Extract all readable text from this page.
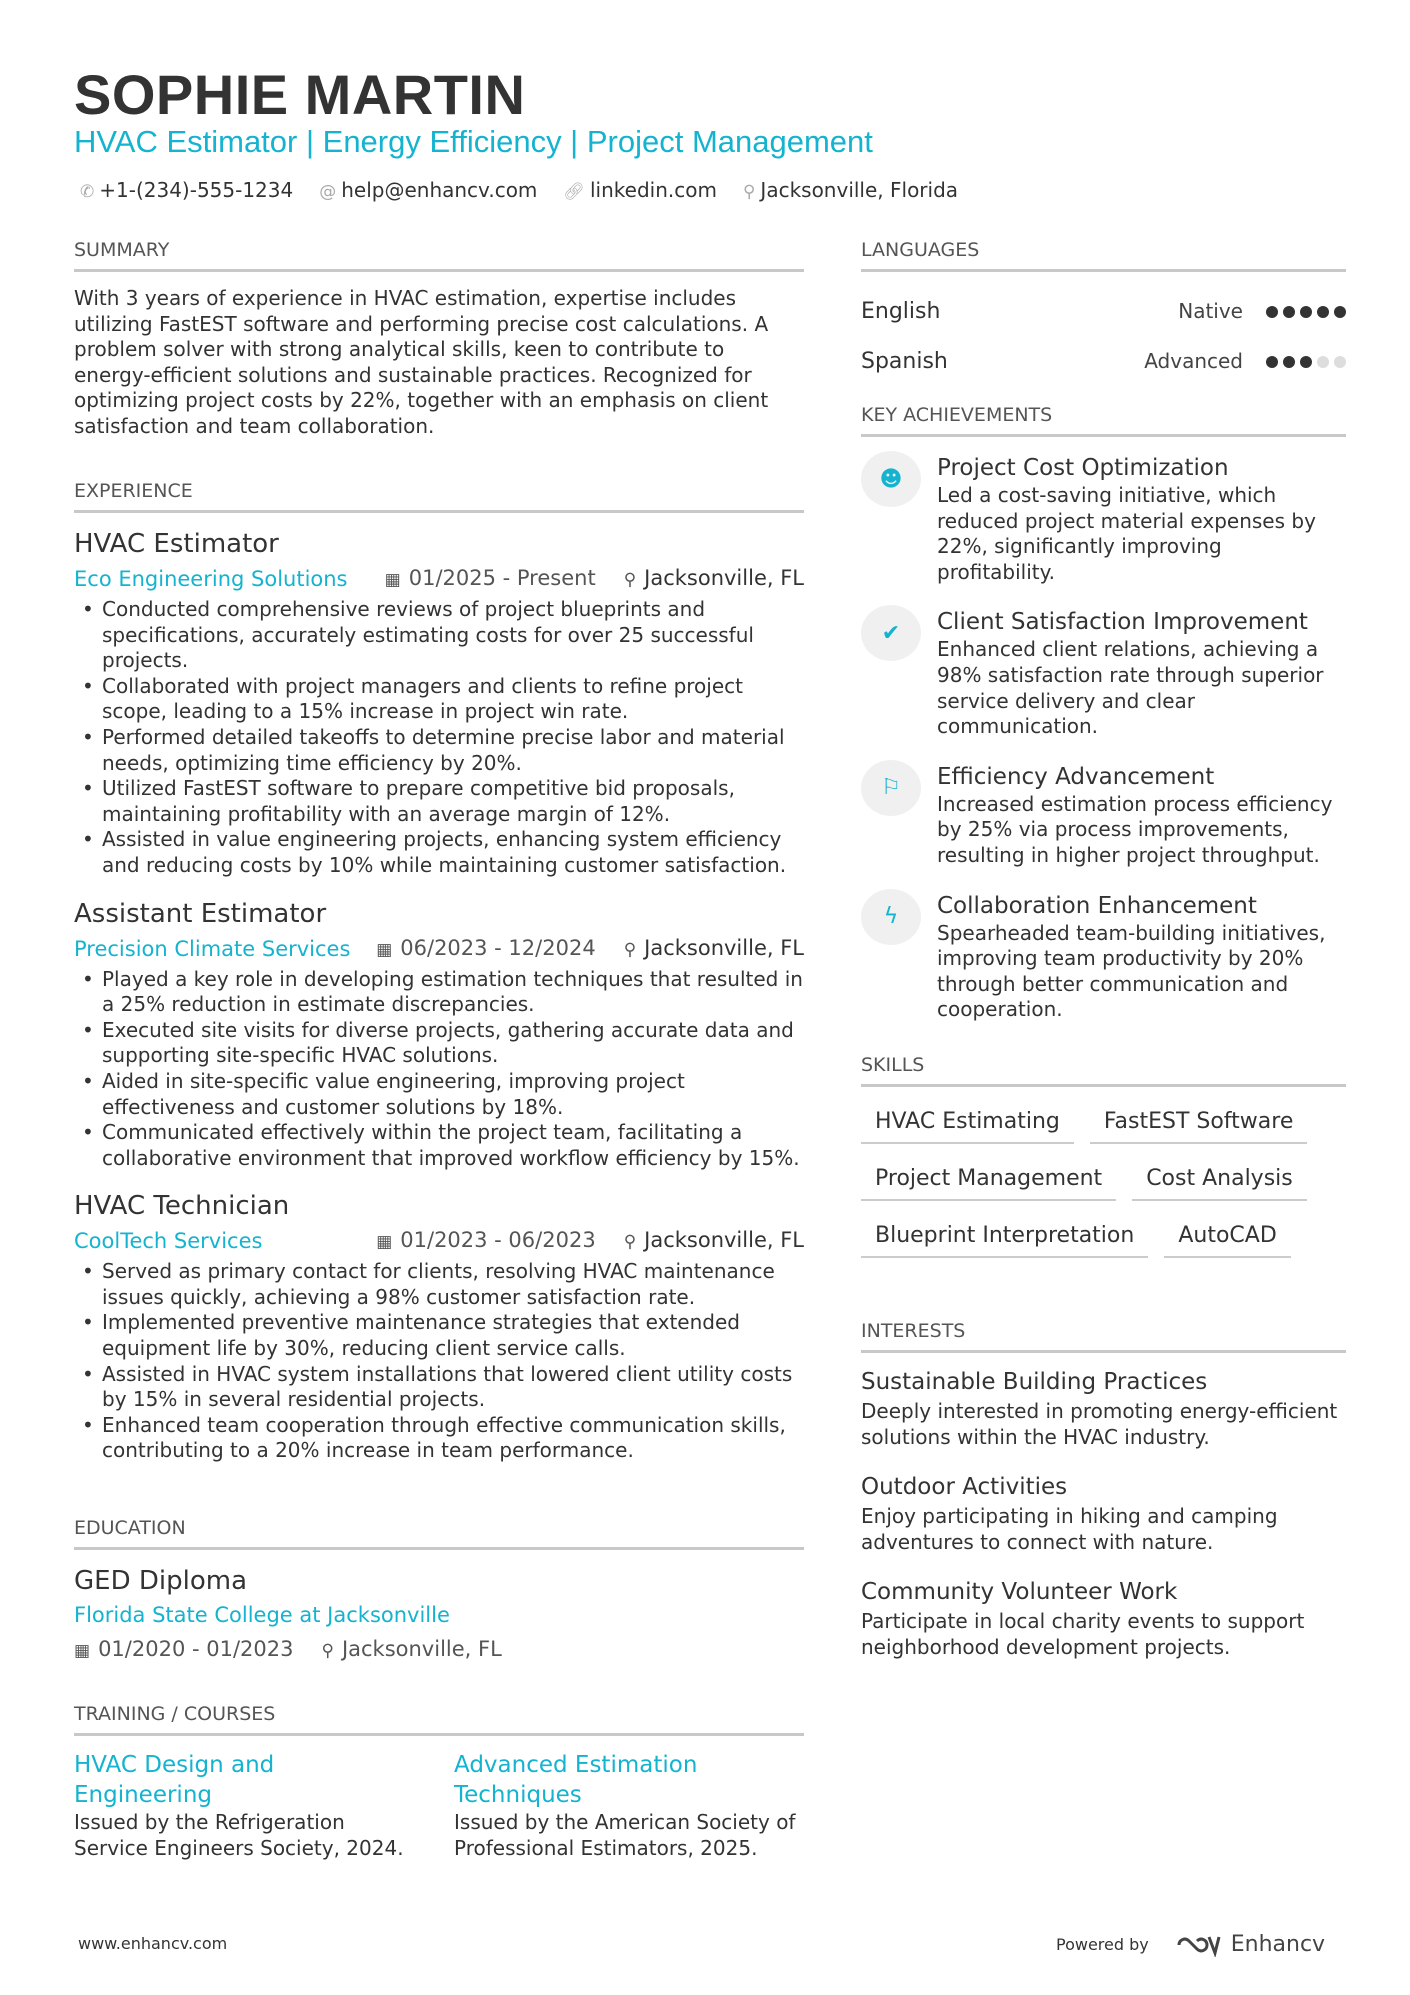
SOPHIE MARTIN
HVAC Estimator | Energy Efficiency | Project Management
✆ +1-(234)-555-1234 @ help@enhancv.com 🔗︎ linkedin.com ⚲ Jacksonville, Florida
SUMMARY
With 3 years of experience in HVAC estimation, expertise includes utilizing FastEST software and performing precise cost calculations. A problem solver with strong analytical skills, keen to contribute to energy-efficient solutions and sustainable practices. Recognized for optimizing project costs by 22%, together with an emphasis on client satisfaction and team collaboration.
EXPERIENCE
HVAC Estimator
Eco Engineering Solutions	▦ 01/2025 - Present ⚲ Jacksonville, FL
• Conducted comprehensive reviews of project blueprints and specifications, accurately estimating costs for over 25 successful projects.
• Collaborated with project managers and clients to refine project scope, leading to a 15% increase in project win rate.
• Performed detailed takeoffs to determine precise labor and material needs, optimizing time efficiency by 20%.
• Utilized FastEST software to prepare competitive bid proposals, maintaining profitability with an average margin of 12%.
• Assisted in value engineering projects, enhancing system efficiency and reducing costs by 10% while maintaining customer satisfaction.
Assistant Estimator
Precision Climate Services	▦ 06/2023 - 12/2024 ⚲ Jacksonville, FL
• Played a key role in developing estimation techniques that resulted in a 25% reduction in estimate discrepancies.
• Executed site visits for diverse projects, gathering accurate data and supporting site-specific HVAC solutions.
• Aided in site-specific value engineering, improving project effectiveness and customer solutions by 18%.
• Communicated effectively within the project team, facilitating a collaborative environment that improved workflow efficiency by 15%.
HVAC Technician
CoolTech Services	▦ 01/2023 - 06/2023 ⚲ Jacksonville, FL
• Served as primary contact for clients, resolving HVAC maintenance issues quickly, achieving a 98% customer satisfaction rate.
• Implemented preventive maintenance strategies that extended equipment life by 30%, reducing client service calls.
• Assisted in HVAC system installations that lowered client utility costs by 15% in several residential projects.
• Enhanced team cooperation through effective communication skills, contributing to a 20% increase in team performance.
EDUCATION
GED Diploma
Florida State College at Jacksonville
▦ 01/2020 - 01/2023 ⚲ Jacksonville, FL
TRAINING / COURSES
HVAC Design and Engineering
Issued by the Refrigeration Service Engineers Society, 2024.
Advanced Estimation Techniques
Issued by the American Society of Professional Estimators, 2025.
LANGUAGES
English	Native
Spanish	Advanced
KEY ACHIEVEMENTS
☻	Project Cost Optimization
Led a cost-saving initiative, which reduced project material expenses by 22%, significantly improving profitability.
✔	Client Satisfaction Improvement
Enhanced client relations, achieving a 98% satisfaction rate through superior service delivery and clear communication.
⚐	Efficiency Advancement
Increased estimation process efficiency by 25% via process improvements, resulting in higher project throughput.
ϟ	Collaboration Enhancement
Spearheaded team-building initiatives, improving team productivity by 20% through better communication and cooperation.
SKILLS
HVAC Estimating	FastEST Software
Project Management	Cost Analysis
Blueprint Interpretation	AutoCAD
INTERESTS
Sustainable Building Practices
Deeply interested in promoting energy-efficient solutions within the HVAC industry.
Outdoor Activities
Enjoy participating in hiking and camping adventures to connect with nature.
Community Volunteer Work
Participate in local charity events to support neighborhood development projects.
www.enhancv.com	Powered by	Enhancv
